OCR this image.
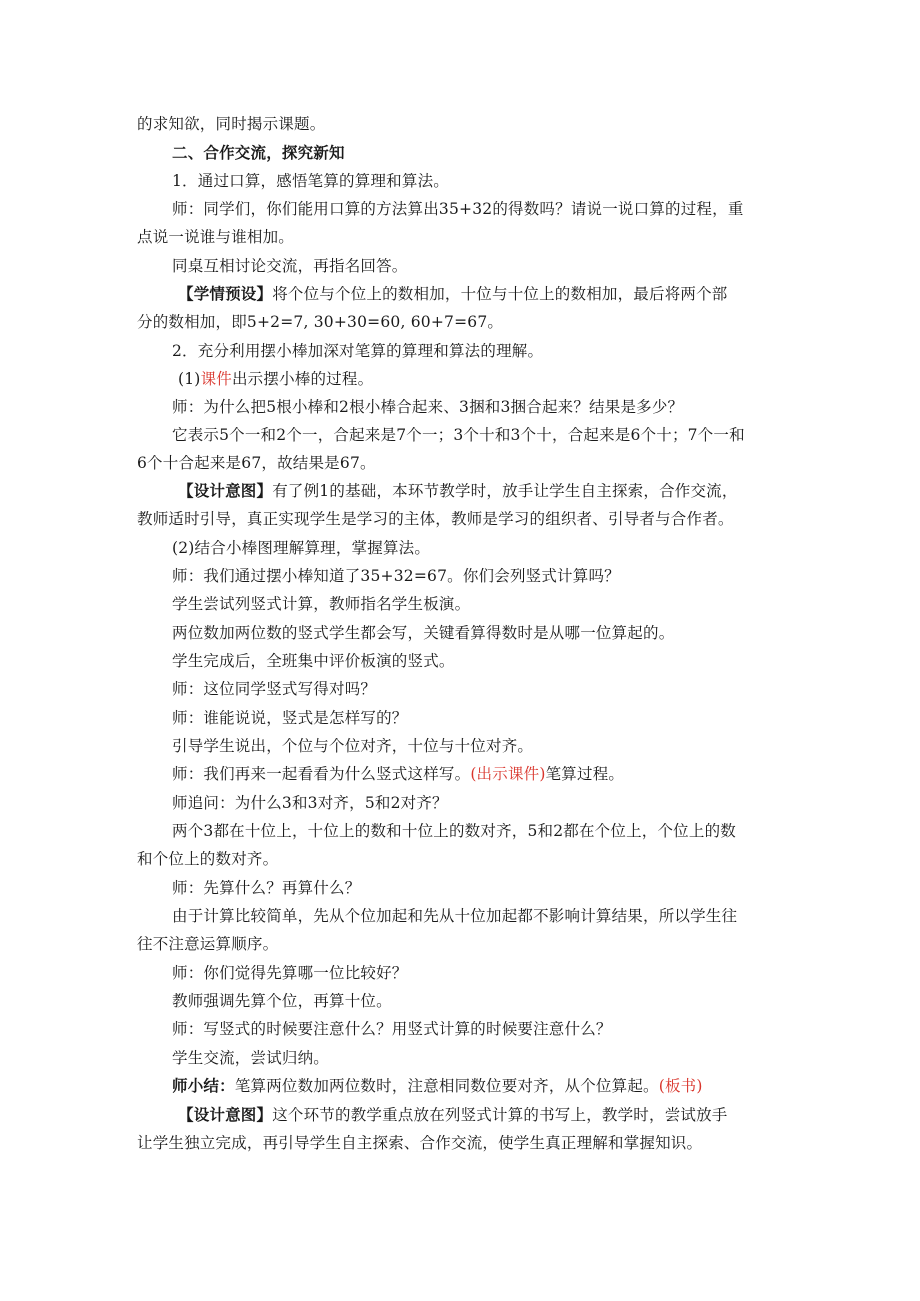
的求知欲，同时揭示课题。
二、合作交流，探究新知
1．通过口算，感悟笔算的算理和算法。
师：同学们，你们能用口算的方法算出35+32的得数吗？请说一说口算的过程，重
点说一说谁与谁相加。
同桌互相讨论交流，再指名回答。
【学情预设】将个位与个位上的数相加，十位与十位上的数相加，最后将两个部
分的数相加，即5+2=7, 30+30=60, 60+7=67。
2．充分利用摆小棒加深对笔算的算理和算法的理解。
(1)课件出示摆小棒的过程。
师：为什么把5根小棒和2根小棒合起来、3捆和3捆合起来？结果是多少？
它表示5个一和2个一，合起来是7个一；3个十和3个十，合起来是6个十；7个一和
6个十合起来是67，故结果是67。
【设计意图】有了例1的基础，本环节教学时，放手让学生自主探索，合作交流，
教师适时引导，真正实现学生是学习的主体，教师是学习的组织者、引导者与合作者。
(2)结合小棒图理解算理，掌握算法。
师：我们通过摆小棒知道了35+32=67。你们会列竖式计算吗？
学生尝试列竖式计算，教师指名学生板演。
两位数加两位数的竖式学生都会写，关键看算得数时是从哪一位算起的。
学生完成后，全班集中评价板演的竖式。
师：这位同学竖式写得对吗？
师：谁能说说，竖式是怎样写的？
引导学生说出，个位与个位对齐，十位与十位对齐。
师：我们再来一起看看为什么竖式这样写。(出示课件)笔算过程。
师追问：为什么3和3对齐，5和2对齐？
两个3都在十位上，十位上的数和十位上的数对齐，5和2都在个位上，个位上的数
和个位上的数对齐。
师：先算什么？再算什么？
由于计算比较简单，先从个位加起和先从十位加起都不影响计算结果，所以学生往
往不注意运算顺序。
师：你们觉得先算哪一位比较好？
教师强调先算个位，再算十位。
师：写竖式的时候要注意什么？用竖式计算的时候要注意什么？
学生交流，尝试归纳。
师小结：笔算两位数加两位数时，注意相同数位要对齐，从个位算起。(板书)
【设计意图】这个环节的教学重点放在列竖式计算的书写上，教学时，尝试放手
让学生独立完成，再引导学生自主探索、合作交流，使学生真正理解和掌握知识。
